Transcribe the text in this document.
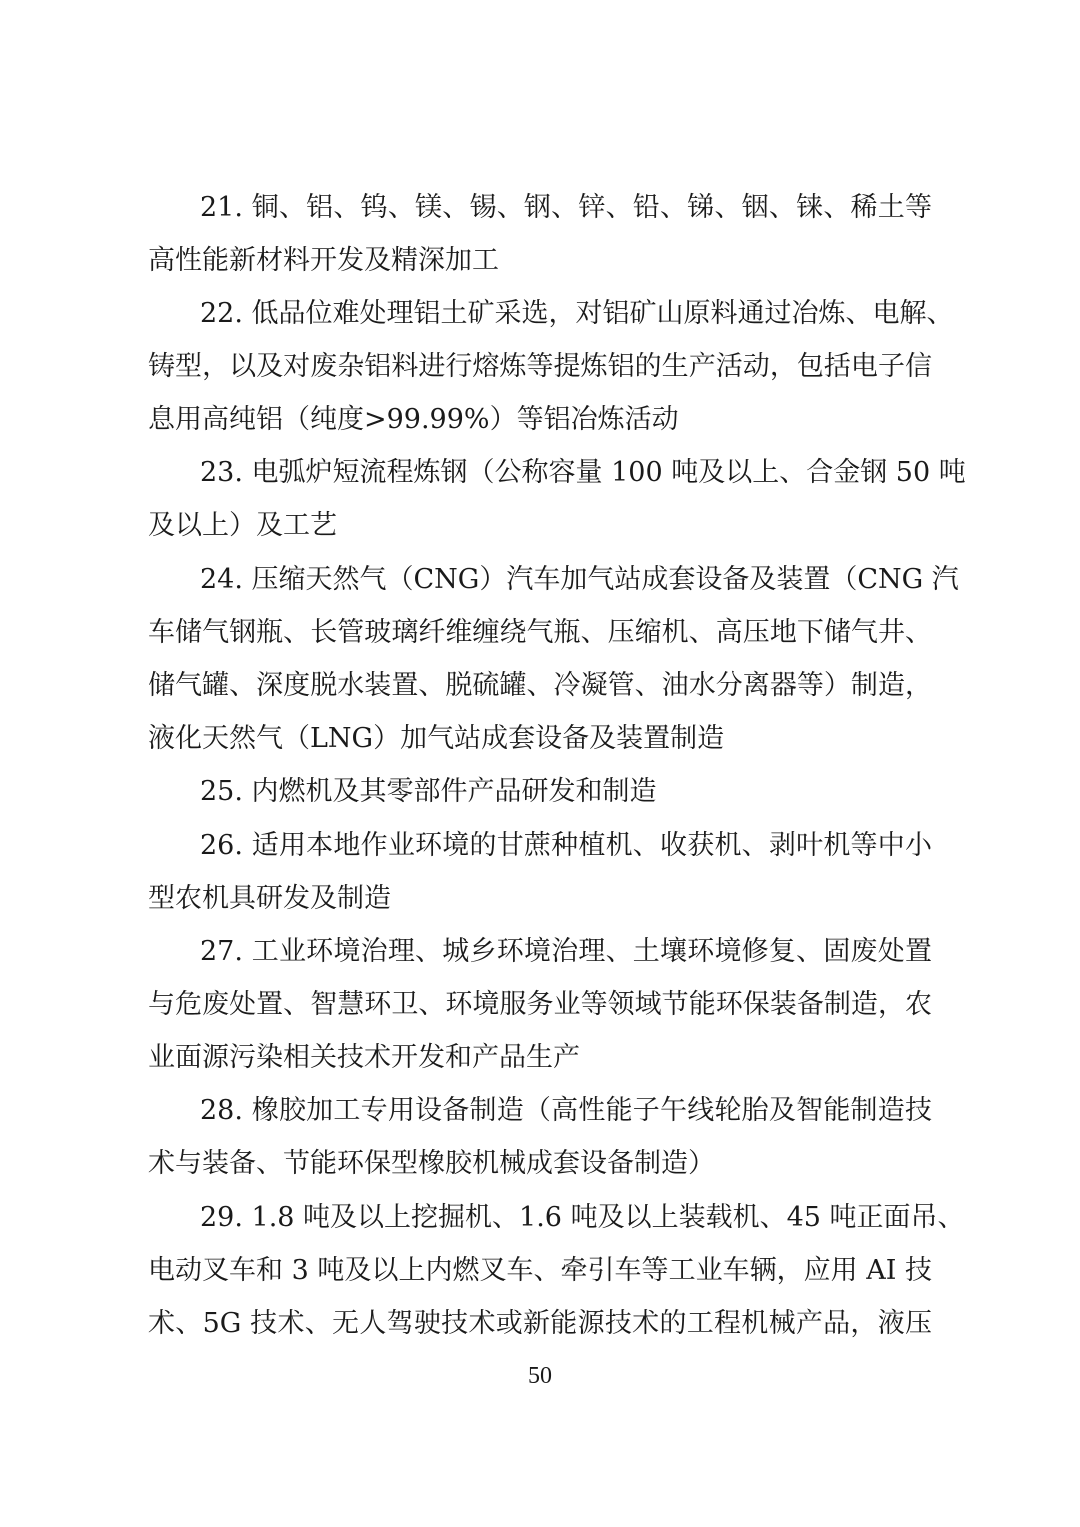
21. 铜、铝、钨、镁、锡、钢、锌、铅、锑、铟、铼、稀土等
高性能新材料开发及精深加工
22. 低品位难处理铝土矿采选，对铝矿山原料通过冶炼、电解、
铸型，以及对废杂铝料进行熔炼等提炼铝的生产活动，包括电子信
息用高纯铝（纯度>99.99%）等铝冶炼活动
23. 电弧炉短流程炼钢（公称容量 100 吨及以上、合金钢 50 吨
及以上）及工艺
24. 压缩天然气（CNG）汽车加气站成套设备及装置（CNG 汽
车储气钢瓶、长管玻璃纤维缠绕气瓶、压缩机、高压地下储气井、
储气罐、深度脱水装置、脱硫罐、冷凝管、油水分离器等）制造，
液化天然气（LNG）加气站成套设备及装置制造
25. 内燃机及其零部件产品研发和制造
26. 适用本地作业环境的甘蔗种植机、收获机、剥叶机等中小
型农机具研发及制造
27. 工业环境治理、城乡环境治理、土壤环境修复、固废处置
与危废处置、智慧环卫、环境服务业等领域节能环保装备制造，农
业面源污染相关技术开发和产品生产
28. 橡胶加工专用设备制造（高性能子午线轮胎及智能制造技
术与装备、节能环保型橡胶机械成套设备制造）
29. 1.8 吨及以上挖掘机、1.6 吨及以上装载机、45 吨正面吊、
电动叉车和 3 吨及以上内燃叉车、牵引车等工业车辆，应用 AI 技
术、5G 技术、无人驾驶技术或新能源技术的工程机械产品，液压
50
